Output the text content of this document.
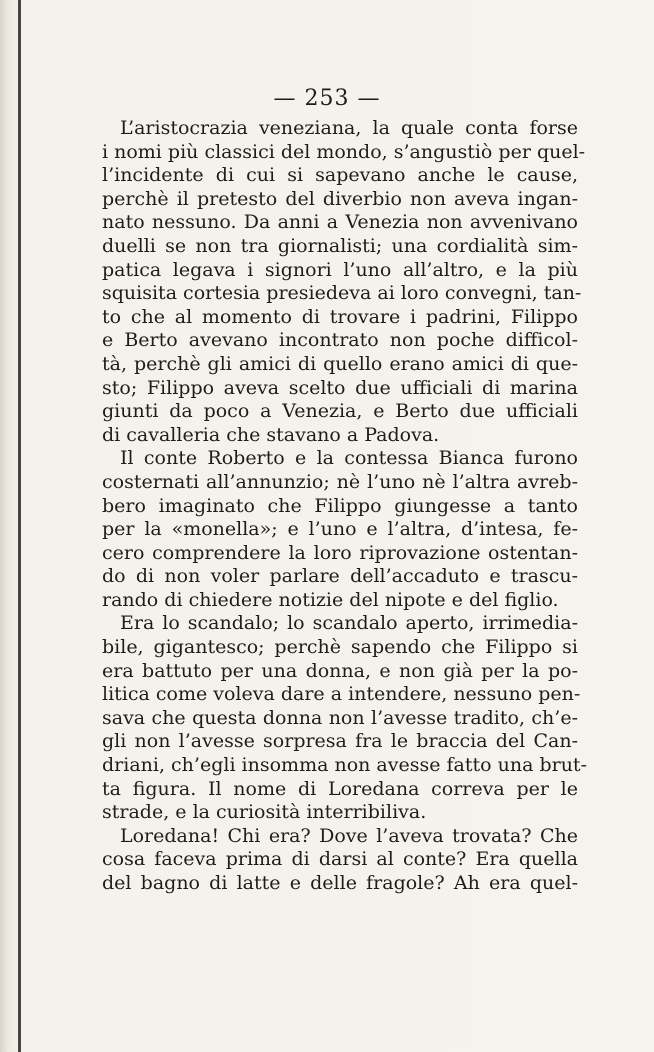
— 253 —
L’aristocrazia veneziana, la quale conta forse
i nomi più classici del mondo, s’angustiò per quel-
l’incidente di cui si sapevano anche le cause,
perchè il pretesto del diverbio non aveva ingan-
nato nessuno. Da anni a Venezia non avvenivano
duelli se non tra giornalisti; una cordialità sim-
patica legava i signori l’uno all’altro, e la più
squisita cortesia presiedeva ai loro convegni, tan-
to che al momento di trovare i padrini, Filippo
e Berto avevano incontrato non poche difficol-
tà, perchè gli amici di quello erano amici di que-
sto; Filippo aveva scelto due ufficiali di marina
giunti da poco a Venezia, e Berto due ufficiali
di cavalleria che stavano a Padova.
Il conte Roberto e la contessa Bianca furono
costernati all’annunzio; nè l’uno nè l’altra avreb-
bero imaginato che Filippo giungesse a tanto
per la «monella»; e l’uno e l’altra, d’intesa, fe-
cero comprendere la loro riprovazione ostentan-
do di non voler parlare dell’accaduto e trascu-
rando di chiedere notizie del nipote e del figlio.
Era lo scandalo; lo scandalo aperto, irrimedia-
bile, gigantesco; perchè sapendo che Filippo si
era battuto per una donna, e non già per la po-
litica come voleva dare a intendere, nessuno pen-
sava che questa donna non l’avesse tradito, ch’e-
gli non l’avesse sorpresa fra le braccia del Can-
driani, ch’egli insomma non avesse fatto una brut-
ta figura. Il nome di Loredana correva per le
strade, e la curiosità interribiliva.
Loredana! Chi era? Dove l’aveva trovata? Che
cosa faceva prima di darsi al conte? Era quella
del bagno di latte e delle fragole? Ah era quel-
